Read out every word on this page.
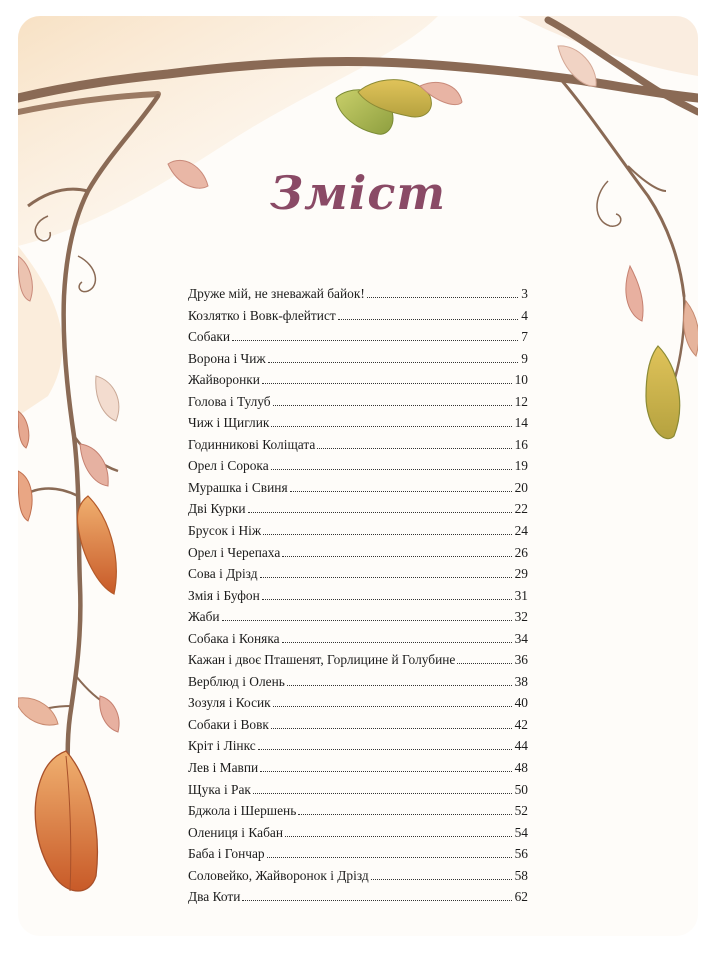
Зміст
Друже мій, не зневажай байок!	3
Козлятко і Вовк-флейтист	4
Собаки	7
Ворона і Чиж	9
Жайворонки	10
Голова і Тулуб	12
Чиж і Щиглик	14
Годинникові Коліщата	16
Орел і Сорока	19
Мурашка і Свиня	20
Дві Курки	22
Брусок і Ніж	24
Орел і Черепаха	26
Сова і Дрізд	29
Змія і Буфон	31
Жаби	32
Собака і Коняка	34
Кажан і двоє Пташенят, Горлицине й Голубине	36
Верблюд і Олень	38
Зозуля і Косик	40
Собаки і Вовк	42
Кріт і Лінкс	44
Лев і Мавпи	48
Щука і Рак	50
Бджола і Шершень	52
Олениця і Кабан	54
Баба і Гончар	56
Соловейко, Жайворонок і Дрізд	58
Два Коти	62
